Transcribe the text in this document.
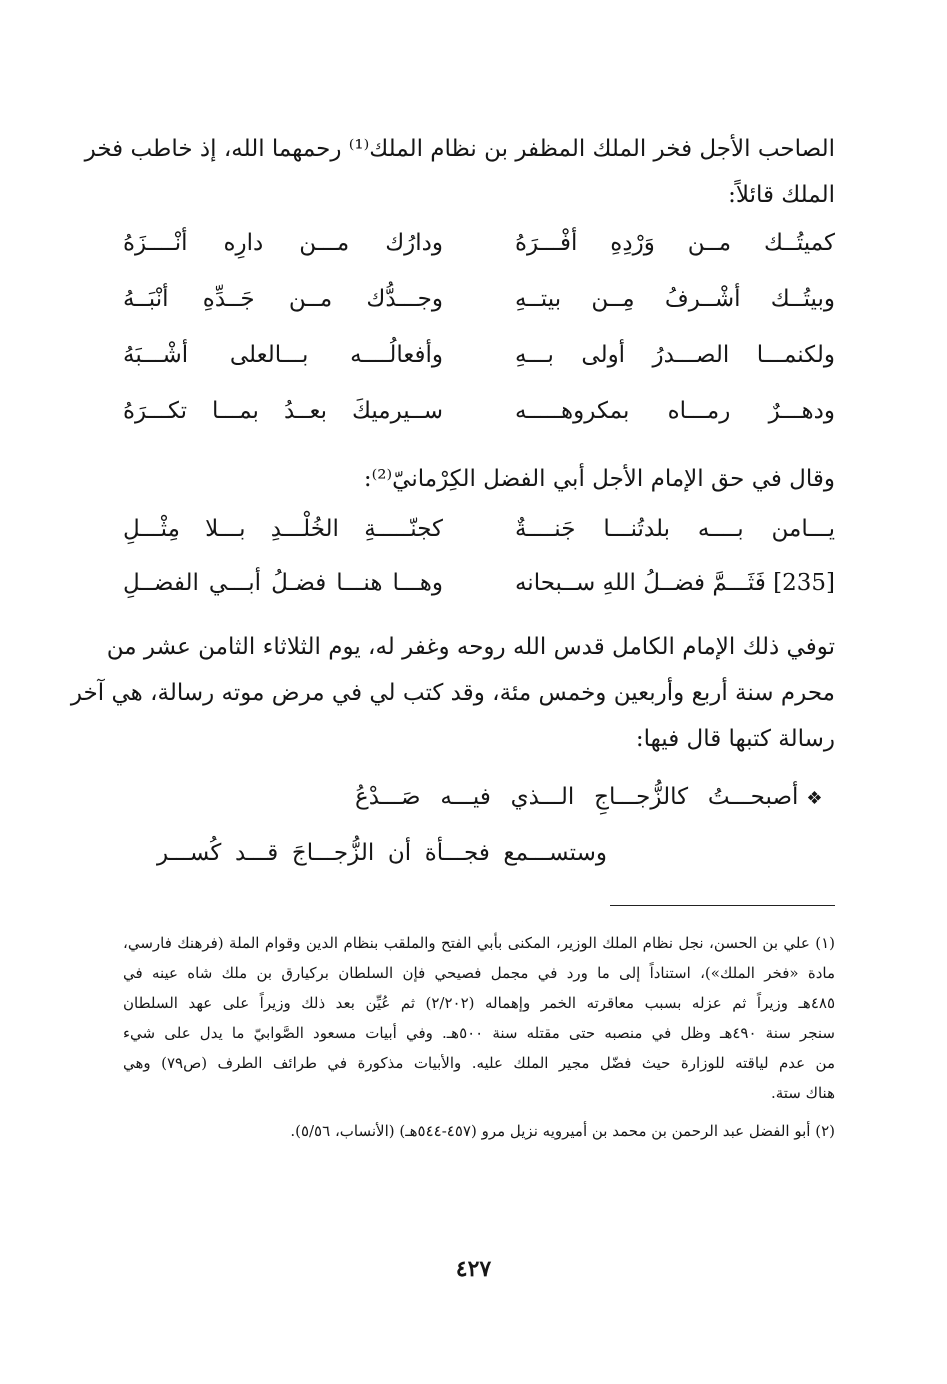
الصاحب الأجل فخر الملك المظفر بن نظام الملك⁽¹⁾ رحمهما الله، إذ خاطب فخر
الملك قائلاً:
كميتُــك مــن وَرْدِهِ أفْـــرَهُ
ودارُك مـــن دارِه أنْــــزَهُ
وبيتُــك أشْــرفُ مِــن بيتــهِ
وجـــدُّك مــن جَــدِّهِ أنْبَــهُ
ولكنمـــا الصـــدرُ أولى بـــهِ
وأفعالُــــه بـــالعلى أشْـــبَهُ
ودهـــرٌ رمـــاه بمكروهـــــه
ســيرميكَ بعــدُ بمـــا تكـــرَهُ
وقال في حق الإمام الأجل أبي الفضل الكِرْمانيّ⁽²⁾:
يـــامن بــــه بلدتُنـــا جَنــــةٌ
كجنّـــــةِ الخُلْـــدِ بـــلا مِثْـــلِ
[235] فَثَـــمَّ فضــلُ اللهِ ســبحانه
وهـــا هنـــا فضـلُ أبـــي الفضــلِ
توفي ذلك الإمام الكامل قدس الله روحه وغفر له، يوم الثلاثاء الثامن عشر من
محرم سنة أربع وأربعين وخمس مئة، وقد كتب لي في مرض موته رسالة، هي آخر
رسالة كتبها قال فيها:
❖أصبحـــتُ كالزُّجـــاجِ الـــذي فيـــه صَـــدْعُ
وستســـمع فجـــأة أن الزُّجـــاجَ قـــد كُســـر
(١) علي بن الحسن، نجل نظام الملك الوزير، المكنى بأبي الفتح والملقب بنظام الدين وقوام الملة (فرهنك فارسي،
مادة «فخر الملك»)، استناداً إلى ما ورد في مجمل فصيحي فإن السلطان بركيارق بن ملك شاه عينه في
٤٨٥هـ وزيراً ثم عزله بسبب معاقرته الخمر وإهماله (٢/٢٠٢) ثم عُيِّن بعد ذلك وزيراً على عهد السلطان
سنجر سنة ٤٩٠هـ وظل في منصبه حتى مقتله سنة ٥٠٠هـ. وفي أبيات مسعود الصَّوابيّ ما يدل على شيء
من عدم لياقته للوزارة حيث فضّل مجير الملك عليه. والأبيات مذكورة في طرائف الطرف (ص٧٩) وهي
هناك ستة.
(٢) أبو الفضل عبد الرحمن بن محمد بن أميرويه نزيل مرو (٤٥٧-٥٤٤هـ) (الأنساب، ٥/٥٦).
٤٢٧
